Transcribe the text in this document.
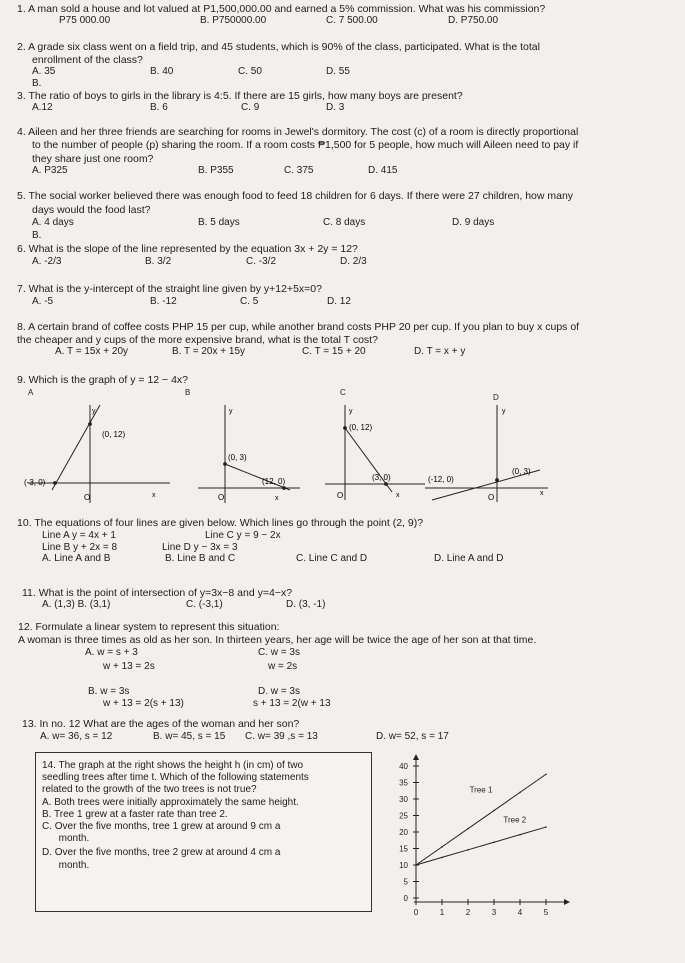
1. A man sold a house and lot valued at P1,500,000.00 and earned a 5% commission. What was his commission?
P75 000.00	B. P750000.00	C. 7 500.00	D. P750.00
2. A grade six class went on a field trip, and 45 students, which is 90% of the class, participated. What is the total
enrollment of the class?
A. 35	B. 40	C. 50	D. 55
B.
3. The ratio of boys to girls in the library is 4:5. If there are 15 girls, how many boys are present?
A.12	B. 6	C. 9	D. 3
4. Aileen and her three friends are searching for rooms in Jewel's dormitory. The cost (c) of a room is directly proportional
to the number of people (p) sharing the room. If a room costs ₱1,500 for 5 people, how much will Aileen need to pay if
they share just one room?
A. P325	B. P355	C. 375	D. 415
5. The social worker believed there was enough food to feed 18 children for 6 days. If there were 27 children, how many
days would the food last?
A. 4 days	B. 5 days	C. 8 days	D. 9 days
B.
6. What is the slope of the line represented by the equation 3x + 2y = 12?
A. -2/3	B. 3/2	C. -3/2	D. 2/3
7. What is the y-intercept of the straight line given by y+12+5x=0?
A. -5	B. -12	C. 5	D. 12
8. A certain brand of coffee costs PHP 15 per cup, while another brand costs PHP 20 per cup. If you plan to buy x cups of
the cheaper and y cups of the more expensive brand, what is the total T cost?
A. T = 15x + 20y	B. T = 20x + 15y	C. T = 15 + 20	D. T = x + y
9. Which is the graph of y = 12 − 4x?
A	B	C
D
y
(0, 12)
(-3, 0)
O	x
y
(0, 3)
(12, 0)
O	x
y
(0, 12)
(3, 0)
O	x
y
(0, 3)
(-12, 0)
O	x
10. The equations of four lines are given below. Which lines go through the point (2, 9)?
Line A y = 4x + 1	Line C y = 9 − 2x
Line B y + 2x = 8	Line D y − 3x = 3
A. Line A and B	B. Line B and C	C. Line C and D	D. Line A and D
11. What is the point of intersection of y=3x−8 and y=4−x?
A. (1,3) B. (3,1)	C. (-3,1)	D. (3, -1)
12. Formulate a linear system to represent this situation:
A woman is three times as old as her son. In thirteen years, her age will be twice the age of her son at that time.
A. w = s + 3
w + 13 = 2s
C. w = 3s
w = 2s
B. w = 3s
w + 13 = 2(s + 13)
D. w = 3s
s + 13 = 2(w + 13
13. In no. 12 What are the ages of the woman and her son?
A. w= 36, s = 12	B. w= 45, s = 15 C. w= 39 ,s = 13	D. w= 52, s = 17
14. The graph at the right shows the height h (in cm) of two
seedling trees after time t. Which of the following statements
related to the growth of the two trees is not true?
A. Both trees were initially approximately the same height.
B. Tree 1 grew at a faster rate than tree 2.
C. Over the five months, tree 1 grew at around 9 cm a
month.
D. Over the five months, tree 2 grew at around 4 cm a
month.
0
5
10
15
20
25
30
35
40
0	1	2	3	4	5
Tree 1
Tree 2
